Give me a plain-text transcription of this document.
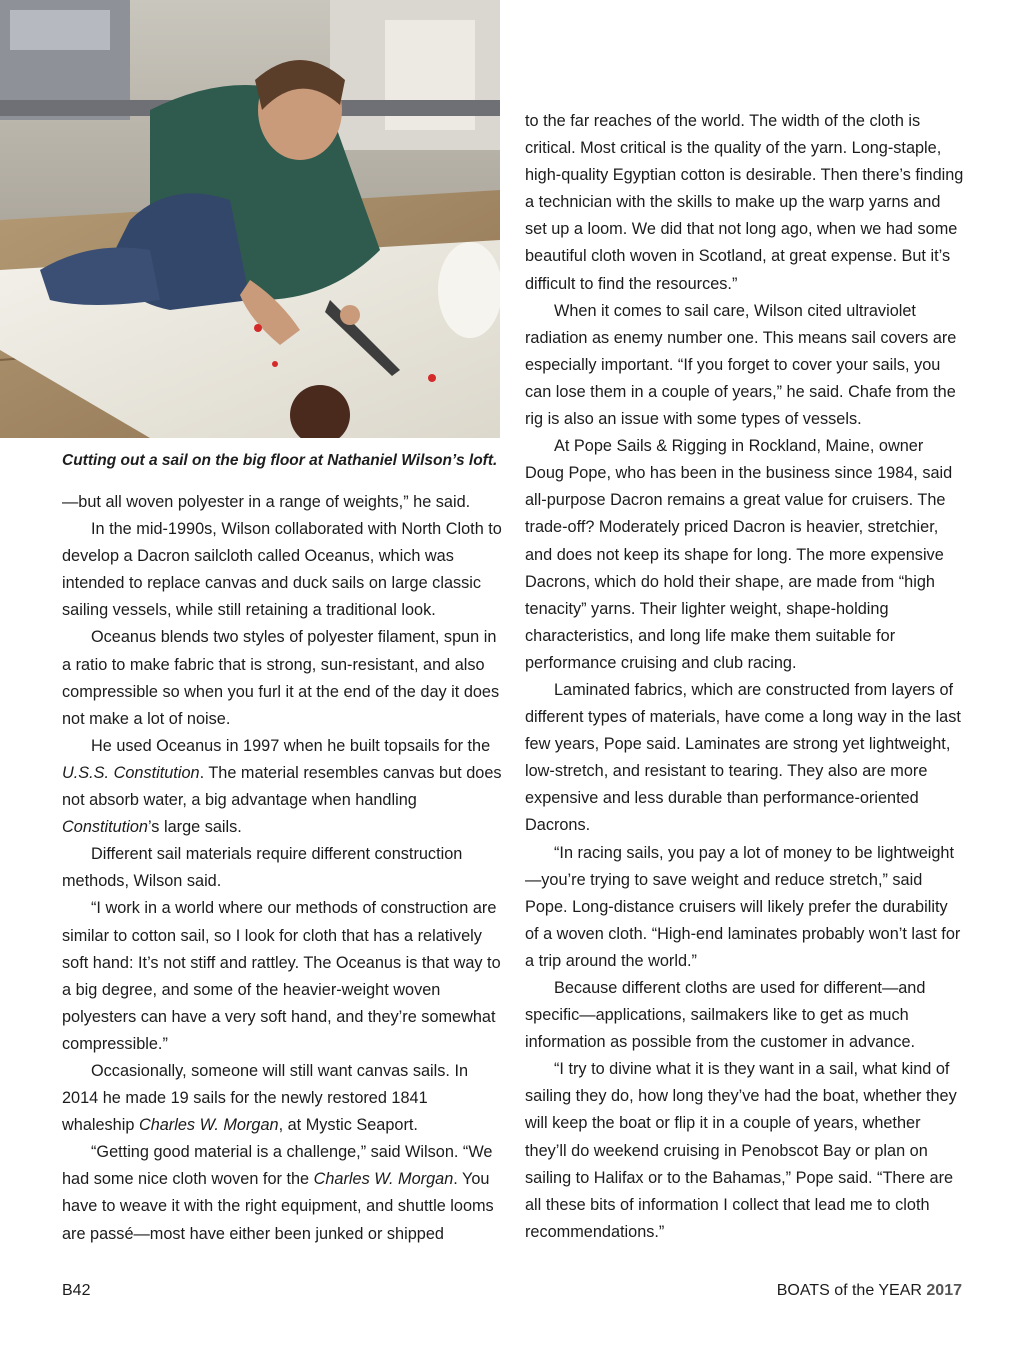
Cutting out a sail on the big floor at Nathaniel Wilson’s loft.

—but all woven polyester in a range of weights,” he said.

In the mid-1990s, Wilson collaborated with North Cloth to develop a Dacron sailcloth called Oceanus, which was intended to replace canvas and duck sails on large classic sailing vessels, while still retaining a traditional look.

Oceanus blends two styles of polyester filament, spun in a ratio to make fabric that is strong, sun-resistant, and also compressible so when you furl it at the end of the day it does not make a lot of noise.

He used Oceanus in 1997 when he built topsails for the U.S.S. Constitution. The material resembles canvas but does not absorb water, a big advantage when handling Constitution’s large sails.

Different sail materials require different construction methods, Wilson said.

“I work in a world where our methods of construction are similar to cotton sail, so I look for cloth that has a relatively soft hand: It’s not stiff and rattley. The Oceanus is that way to a big degree, and some of the heavier-weight woven polyesters can have a very soft hand, and they’re somewhat compressible.”

Occasionally, someone will still want canvas sails. In 2014 he made 19 sails for the newly restored 1841 whaleship Charles W. Morgan, at Mystic Seaport.

“Getting good material is a challenge,” said Wilson. “We had some nice cloth woven for the Charles W. Morgan. You have to weave it with the right equipment, and shuttle looms are passé—most have either been junked or shipped

to the far reaches of the world. The width of the cloth is critical. Most critical is the quality of the yarn. Long-staple, high-quality Egyptian cotton is desirable. Then there’s finding a technician with the skills to make up the warp yarns and set up a loom. We did that not long ago, when we had some beautiful cloth woven in Scotland, at great expense. But it’s difficult to find the resources.”

When it comes to sail care, Wilson cited ultraviolet radiation as enemy number one. This means sail covers are especially important. “If you forget to cover your sails, you can lose them in a couple of years,” he said. Chafe from the rig is also an issue with some types of vessels.

At Pope Sails & Rigging in Rockland, Maine, owner Doug Pope, who has been in the business since 1984, said all-purpose Dacron remains a great value for cruisers. The trade-off? Moderately priced Dacron is heavier, stretchier, and does not keep its shape for long. The more expensive Dacrons, which do hold their shape, are made from “high tenacity” yarns. Their lighter weight, shape-holding characteristics, and long life make them suitable for performance cruising and club racing.

Laminated fabrics, which are constructed from layers of different types of materials, have come a long way in the last few years, Pope said. Laminates are strong yet lightweight, low-stretch, and resistant to tearing. They also are more expensive and less durable than performance-oriented Dacrons.

“In racing sails, you pay a lot of money to be lightweight—you’re trying to save weight and reduce stretch,” said Pope. Long-distance cruisers will likely prefer the durability of a woven cloth. “High-end laminates probably won’t last for a trip around the world.”

Because different cloths are used for different—and specific—applications, sailmakers like to get as much information as possible from the customer in advance.

“I try to divine what it is they want in a sail, what kind of sailing they do, how long they’ve had the boat, whether they will keep the boat or flip it in a couple of years, whether they’ll do weekend cruising in Penobscot Bay or plan on sailing to Halifax or to the Bahamas,” Pope said. “There are all these bits of information I collect that lead me to cloth recommendations.”

B42	BOATS of the YEAR 2017
